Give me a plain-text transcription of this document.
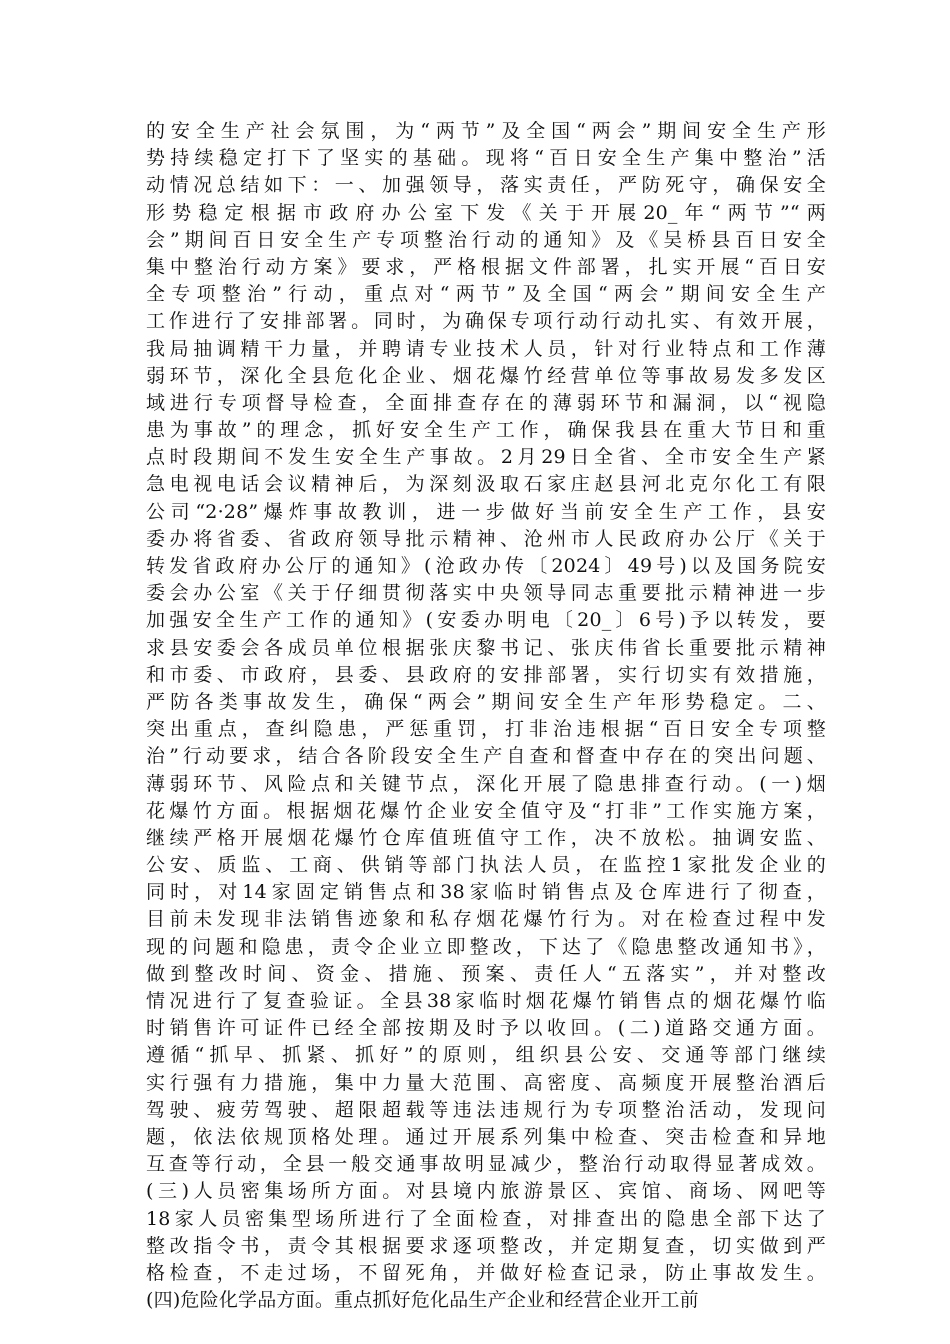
的安全生产社会氛围，为“两节”及全国“两会”期间安全生产形
势持续稳定打下了坚实的基础。现将“百日安全生产集中整治”活
动情况总结如下：一、加强领导，落实责任，严防死守，确保安全
形势稳定根据市政府办公室下发《关于开展20_年“两节”“两
会”期间百日安全生产专项整治行动的通知》及《吴桥县百日安全
集中整治行动方案》要求，严格根据文件部署，扎实开展“百日安
全专项整治”行动，重点对“两节”及全国“两会”期间安全生产
工作进行了安排部署。同时，为确保专项行动行动扎实、有效开展，
我局抽调精干力量，并聘请专业技术人员，针对行业特点和工作薄
弱环节，深化全县危化企业、烟花爆竹经营单位等事故易发多发区
域进行专项督导检查，全面排查存在的薄弱环节和漏洞，以“视隐
患为事故”的理念，抓好安全生产工作，确保我县在重大节日和重
点时段期间不发生安全生产事故。2月29日全省、全市安全生产紧
急电视电话会议精神后，为深刻汲取石家庄赵县河北克尔化工有限
公司“2·28”爆炸事故教训，进一步做好当前安全生产工作，县安
委办将省委、省政府领导批示精神、沧州市人民政府办公厅《关于
转发省政府办公厅的通知》(沧政办传〔2024〕49号)以及国务院安
委会办公室《关于仔细贯彻落实中央领导同志重要批示精神进一步
加强安全生产工作的通知》(安委办明电〔20_〕6号)予以转发，要
求县安委会各成员单位根据张庆黎书记、张庆伟省长重要批示精神
和市委、市政府，县委、县政府的安排部署，实行切实有效措施，
严防各类事故发生，确保“两会”期间安全生产年形势稳定。二、
突出重点，查纠隐患，严惩重罚，打非治违根据“百日安全专项整
治”行动要求，结合各阶段安全生产自查和督查中存在的突出问题、
薄弱环节、风险点和关键节点，深化开展了隐患排查行动。(一)烟
花爆竹方面。根据烟花爆竹企业安全值守及“打非”工作实施方案，
继续严格开展烟花爆竹仓库值班值守工作，决不放松。抽调安监、
公安、质监、工商、供销等部门执法人员，在监控1家批发企业的
同时，对14家固定销售点和38家临时销售点及仓库进行了彻查，
目前未发现非法销售迹象和私存烟花爆竹行为。对在检查过程中发
现的问题和隐患，责令企业立即整改，下达了《隐患整改通知书》，
做到整改时间、资金、措施、预案、责任人“五落实”，并对整改
情况进行了复查验证。全县38家临时烟花爆竹销售点的烟花爆竹临
时销售许可证件已经全部按期及时予以收回。(二)道路交通方面。
遵循“抓早、抓紧、抓好”的原则，组织县公安、交通等部门继续
实行强有力措施，集中力量大范围、高密度、高频度开展整治酒后
驾驶、疲劳驾驶、超限超载等违法违规行为专项整治活动，发现问
题，依法依规顶格处理。通过开展系列集中检查、突击检查和异地
互查等行动，全县一般交通事故明显减少，整治行动取得显著成效。
(三)人员密集场所方面。对县境内旅游景区、宾馆、商场、网吧等
18家人员密集型场所进行了全面检查，对排查出的隐患全部下达了
整改指令书，责令其根据要求逐项整改，并定期复查，切实做到严
格检查，不走过场，不留死角，并做好检查记录，防止事故发生。
(四)危险化学品方面。重点抓好危化品生产企业和经营企业开工前
